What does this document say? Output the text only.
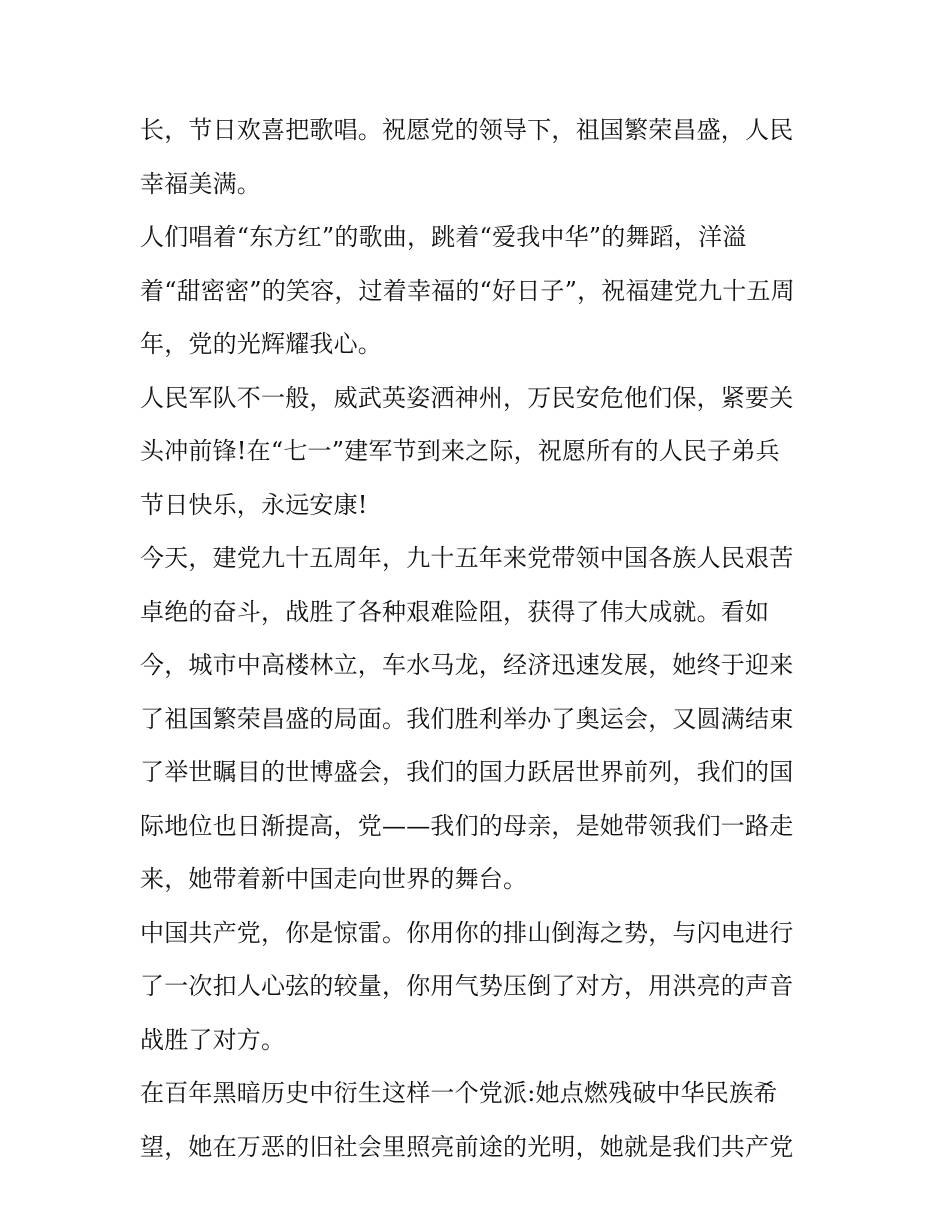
长，节日欢喜把歌唱。祝愿党的领导下，祖国繁荣昌盛，人民
幸福美满。
人们唱着“东方红”的歌曲，跳着“爱我中华”的舞蹈，洋溢
着“甜密密”的笑容，过着幸福的“好日子”，祝福建党九十五周
年，党的光辉耀我心。
人民军队不一般，威武英姿洒神州，万民安危他们保，紧要关
头冲前锋!在“七一”建军节到来之际，祝愿所有的人民子弟兵
节日快乐，永远安康!
今天，建党九十五周年，九十五年来党带领中国各族人民艰苦
卓绝的奋斗，战胜了各种艰难险阻，获得了伟大成就。看如
今，城市中高楼林立，车水马龙，经济迅速发展，她终于迎来
了祖国繁荣昌盛的局面。我们胜利举办了奥运会，又圆满结束
了举世瞩目的世博盛会，我们的国力跃居世界前列，我们的国
际地位也日渐提高，党——我们的母亲，是她带领我们一路走
来，她带着新中国走向世界的舞台。
中国共产党，你是惊雷。你用你的排山倒海之势，与闪电进行
了一次扣人心弦的较量，你用气势压倒了对方，用洪亮的声音
战胜了对方。
在百年黑暗历史中衍生这样一个党派:她点燃残破中华民族希
望，她在万恶的旧社会里照亮前途的光明，她就是我们共产党
